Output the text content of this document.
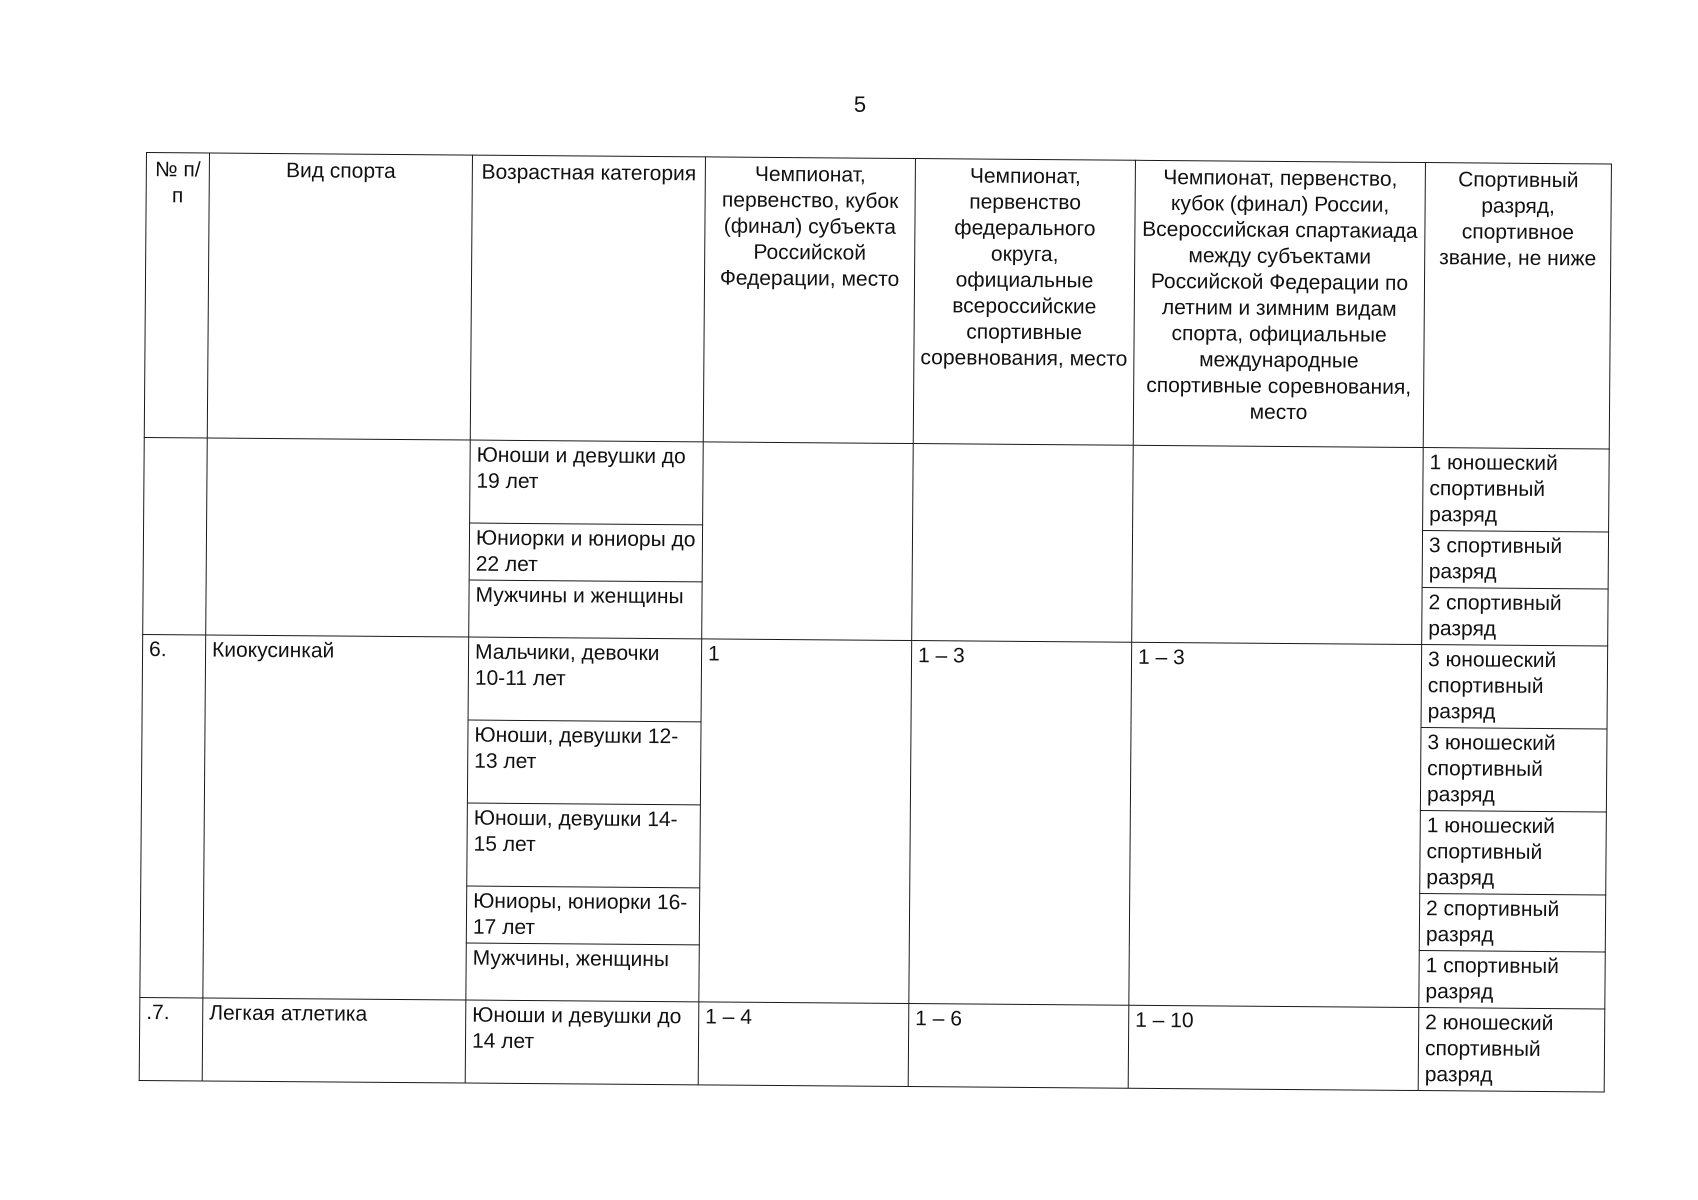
5
№ п/п	Вид спорта	Возрастная категория	Чемпионат, первенство, кубок (финал) субъекта Российской Федерации, место	Чемпионат, первенство федерального округа, официальные всероссийские спортивные соревнования, место	Чемпионат, первенство, кубок (финал) России, Всероссийская спартакиада между субъектами Российской Федерации по летним и зимним видам спорта, официальные международные спортивные соревнования, место	Спортивный разряд, спортивное звание, не ниже
		Юноши и девушки до 19 лет				1 юношеский спортивный разряд
		Юниорки и юниоры до 22 лет				3 спортивный разряд
		Мужчины и женщины				2 спортивный разряд
6.	Киокусинкай	Мальчики, девочки 10-11 лет	1	1 – 3	1 – 3	3 юношеский спортивный разряд
		Юноши, девушки 12-13 лет				3 юношеский спортивный разряд
		Юноши, девушки 14-15 лет				1 юношеский спортивный разряд
		Юниоры, юниорки 16-17 лет				2 спортивный разряд
		Мужчины, женщины				1 спортивный разряд
.7.	Легкая атлетика	Юноши и девушки до 14 лет	1 – 4	1 – 6	1 – 10	2 юношеский спортивный разряд
